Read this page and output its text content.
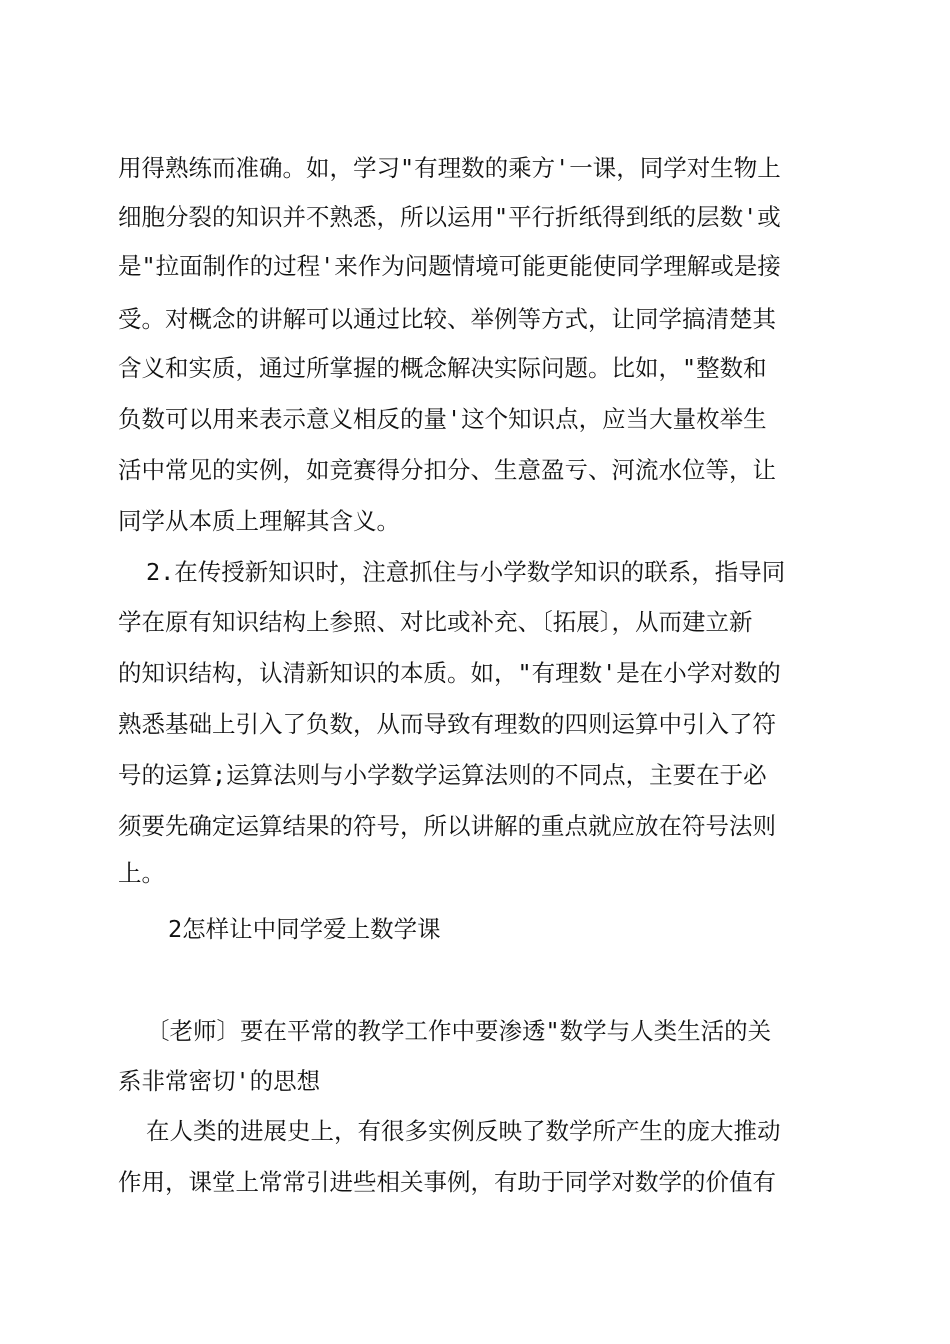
用得熟练而准确。如，学习"有理数的乘方'一课，同学对生物上
细胞分裂的知识并不熟悉，所以运用"平行折纸得到纸的层数'或
是"拉面制作的过程'来作为问题情境可能更能使同学理解或是接
受。对概念的讲解可以通过比较、举例等方式，让同学搞清楚其
含义和实质，通过所掌握的概念解决实际问题。比如，"整数和
负数可以用来表示意义相反的量'这个知识点，应当大量枚举生
活中常见的实例，如竞赛得分扣分、生意盈亏、河流水位等，让
同学从本质上理解其含义。
2.在传授新知识时，注意抓住与小学数学知识的联系，指导同
学在原有知识结构上参照、对比或补充、〔拓展〕，从而建立新
的知识结构，认清新知识的本质。如，"有理数'是在小学对数的
熟悉基础上引入了负数，从而导致有理数的四则运算中引入了符
号的运算;运算法则与小学数学运算法则的不同点，主要在于必
须要先确定运算结果的符号，所以讲解的重点就应放在符号法则
上。
2怎样让中同学爱上数学课
〔老师〕要在平常的教学工作中要渗透"数学与人类生活的关
系非常密切'的思想
在人类的进展史上，有很多实例反映了数学所产生的庞大推动
作用，课堂上常常引进些相关事例，有助于同学对数学的价值有
